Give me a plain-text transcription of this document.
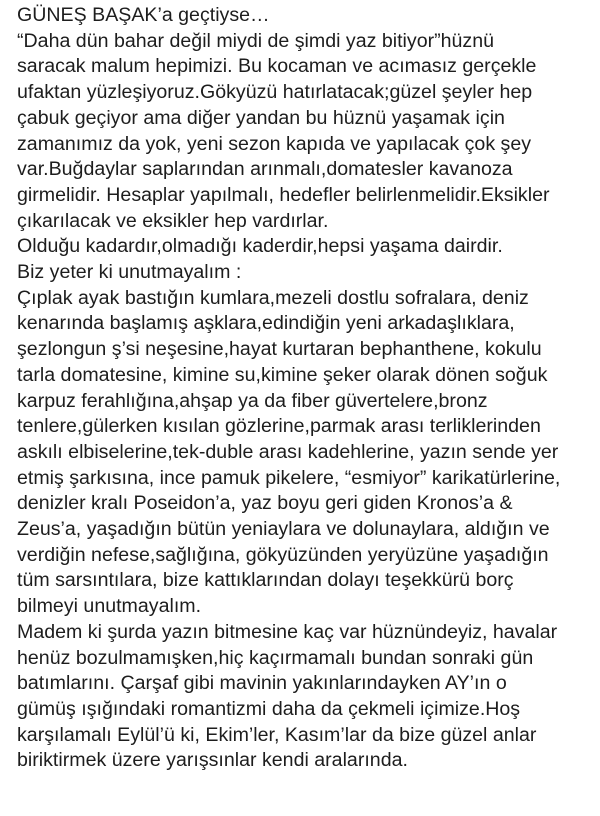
GÜNEŞ BAŞAK’a geçtiyse…
“Daha dün bahar değil miydi de şimdi yaz bitiyor”hüznü
saracak malum hepimizi. Bu kocaman ve acımasız gerçekle
ufaktan yüzleşiyoruz.Gökyüzü hatırlatacak;güzel şeyler hep
çabuk geçiyor ama diğer yandan bu hüznü yaşamak için
zamanımız da yok, yeni sezon kapıda ve yapılacak çok şey
var.Buğdaylar saplarından arınmalı,domatesler kavanoza
girmelidir. Hesaplar yapılmalı, hedefler belirlenmelidir.Eksikler
çıkarılacak ve eksikler hep vardırlar.
Olduğu kadardır,olmadığı kaderdir,hepsi yaşama dairdir.
Biz yeter ki unutmayalım :
Çıplak ayak bastığın kumlara,mezeli dostlu sofralara, deniz
kenarında başlamış aşklara,edindiğin yeni arkadaşlıklara,
şezlongun ş’si neşesine,hayat kurtaran bephanthene, kokulu
tarla domatesine, kimine su,kimine şeker olarak dönen soğuk
karpuz ferahlığına,ahşap ya da fiber güvertelere,bronz
tenlere,gülerken kısılan gözlerine,parmak arası terliklerinden
askılı elbiselerine,tek-duble arası kadehlerine, yazın sende yer
etmiş şarkısına, ince pamuk pikelere, “esmiyor” karikatürlerine,
denizler kralı Poseidon’a, yaz boyu geri giden Kronos’a &
Zeus’a, yaşadığın bütün yeniaylara ve dolunaylara, aldığın ve
verdiğin nefese,sağlığına, gökyüzünden yeryüzüne yaşadığın
tüm sarsıntılara, bize kattıklarından dolayı teşekkürü borç
bilmeyi unutmayalım.
Madem ki şurda yazın bitmesine kaç var hüznündeyiz, havalar
henüz bozulmamışken,hiç kaçırmamalı bundan sonraki gün
batımlarını. Çarşaf gibi mavinin yakınlarındayken AY’ın o
gümüş ışığındaki romantizmi daha da çekmeli içimize.Hoş
karşılamalı Eylül’ü ki, Ekim’ler, Kasım’lar da bize güzel anlar
biriktirmek üzere yarışsınlar kendi aralarında.
